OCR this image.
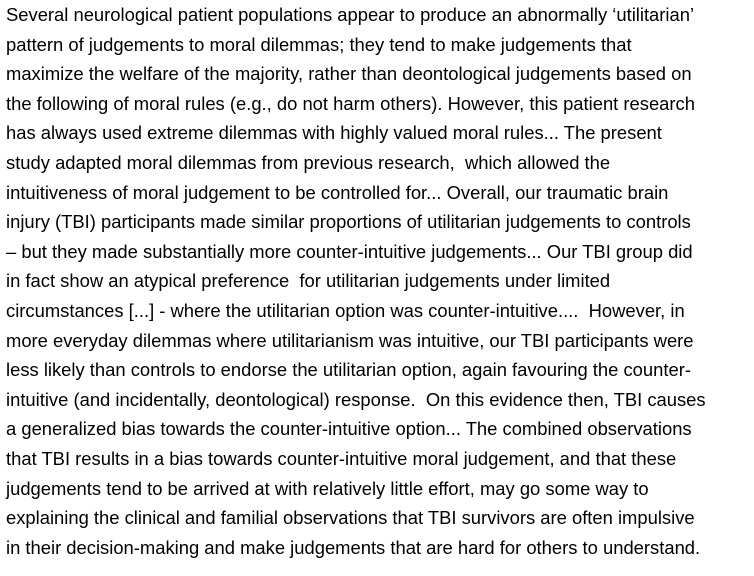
Several neurological patient populations appear to produce an abnormally ‘utilitarian’
pattern of judgements to moral dilemmas; they tend to make judgements that
maximize the welfare of the majority, rather than deontological judgements based on
the following of moral rules (e.g., do not harm others). However, this patient research
has always used extreme dilemmas with highly valued moral rules... The present
study adapted moral dilemmas from previous research,  which allowed the
intuitiveness of moral judgement to be controlled for... Overall, our traumatic brain
injury (TBI) participants made similar proportions of utilitarian judgements to controls
– but they made substantially more counter-intuitive judgements... Our TBI group did
in fact show an atypical preference  for utilitarian judgements under limited
circumstances [...] - where the utilitarian option was counter-intuitive....  However, in
more everyday dilemmas where utilitarianism was intuitive, our TBI participants were
less likely than controls to endorse the utilitarian option, again favouring the counter-
intuitive (and incidentally, deontological) response.  On this evidence then, TBI causes
a generalized bias towards the counter-intuitive option... The combined observations
that TBI results in a bias towards counter-intuitive moral judgement, and that these
judgements tend to be arrived at with relatively little effort, may go some way to
explaining the clinical and familial observations that TBI survivors are often impulsive
in their decision-making and make judgements that are hard for others to understand.
